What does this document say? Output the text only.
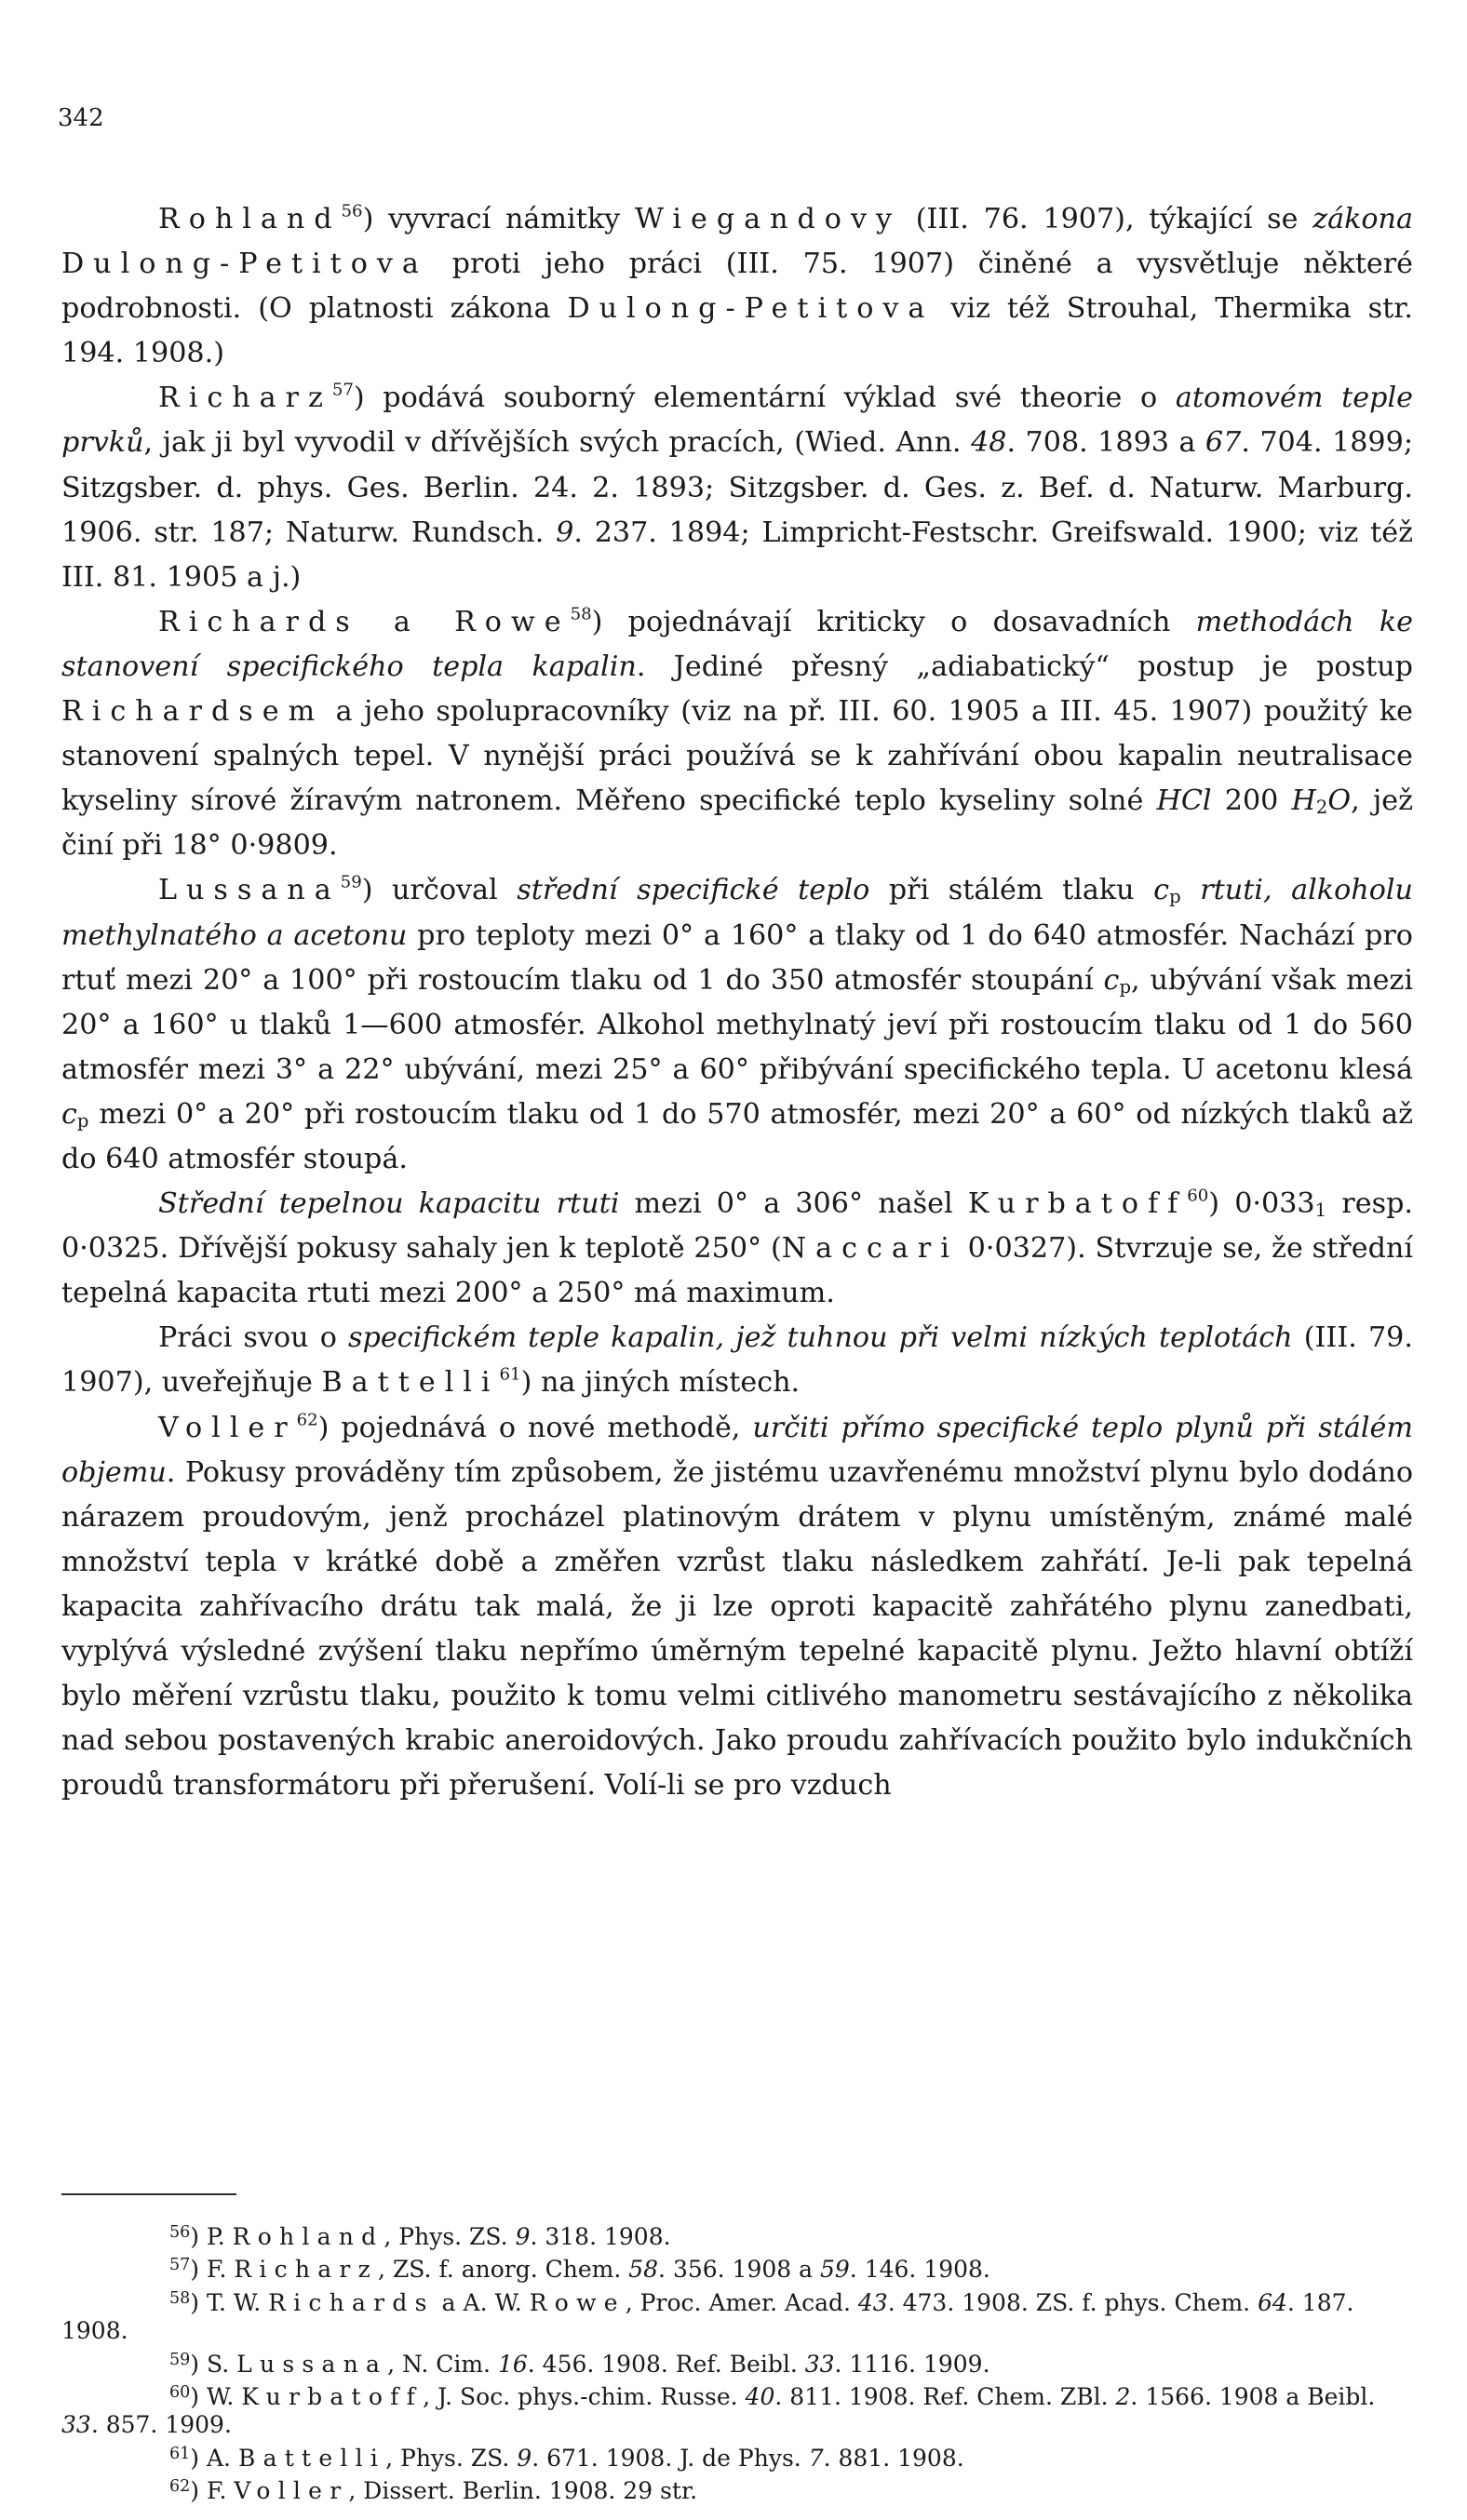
342

Rohland$^{56}$) vyvrací námitky Wiegandovy (III. 76. 1907), týkající se zákona Dulong-Petitova proti jeho práci (III. 75. 1907) činěné a vysvětluje některé podrobnosti. (O platnosti zákona Dulong-Petitova viz též Strouhal, Thermika str. 194. 1908.)

Richarz$^{57}$) podává souborný elementární výklad své theorie o atomovém teple prvků, jak ji byl vyvodil v dřívějších svých pracích, (Wied. Ann. 48. 708. 1893 a 67. 704. 1899; Sitzgsber. d. phys. Ges. Berlin. 24. 2. 1893; Sitzgsber. d. Ges. z. Bef. d. Naturw. Marburg. 1906. str. 187; Naturw. Rundsch. 9. 237. 1894; Limpricht-Festschr. Greifswald. 1900; viz též III. 81. 1905 a j.)

Richards a Rowe$^{58}$) pojednávají kriticky o dosavadních methodách ke stanovení specifického tepla kapalin. Jediné přesný „adiabatický“ postup je postup Richardsem a jeho spolupracovníky (viz na př. III. 60. 1905 a III. 45. 1907) použitý ke stanovení spalných tepel. V nynější práci používá se k zahřívání obou kapalin neutralisace kyseliny sírové žíravým natronem. Měřeno specifické teplo kyseliny solné HCl 200 $H_2O$, jež činí při 18° 0·9809.

Lussana$^{59}$) určoval střední specifické teplo při stálém tlaku $c_p$ rtuti, alkoholu methylnatého a acetonu pro teploty mezi 0° a 160° a tlaky od 1 do 640 atmosfér. Nachází pro rtuť mezi 20° a 100° při rostoucím tlaku od 1 do 350 atmosfér stoupání $c_p$, ubývání však mezi 20° a 160° u tlaků 1—600 atmosfér. Alkohol methylnatý jeví při rostoucím tlaku od 1 do 560 atmosfér mezi 3° a 22° ubývání, mezi 25° a 60° přibývání specifického tepla. U acetonu klesá $c_p$ mezi 0° a 20° při rostoucím tlaku od 1 do 570 atmosfér, mezi 20° a 60° od nízkých tlaků až do 640 atmosfér stoupá.

Střední tepelnou kapacitu rtuti mezi 0° a 306° našel Kurbatoff$^{60}$) $0\cdot 033_1$ resp. 0·0325. Dřívější pokusy sahaly jen k teplotě 250° (Naccari 0·0327). Stvrzuje se, že střední tepelná kapacita rtuti mezi 200° a 250° má maximum.

Práci svou o specifickém teple kapalin, jež tuhnou při velmi nízkých teplotách (III. 79. 1907), uveřejňuje Battelli$^{61}$) na jiných místech.

Voller$^{62}$) pojednává o nové methodě, určiti přímo specifické teplo plynů při stálém objemu. Pokusy prováděny tím způsobem, že jistému uzavřenému množství plynu bylo dodáno nárazem proudovým, jenž procházel platinovým drátem v plynu umístěným, známé malé množství tepla v krátké době a změřen vzrůst tlaku následkem zahřátí. Je-li pak tepelná kapacita zahřívacího drátu tak malá, že ji lze oproti kapacitě zahřátého plynu zanedbati, vyplývá výsledné zvýšení tlaku nepřímo úměrným tepelné kapacitě plynu. Ježto hlavní obtíží bylo měření vzrůstu tlaku, použito k tomu velmi citlivého manometru sestávajícího z několika nad sebou postavených krabic aneroidových. Jako proudu zahřívacích použito bylo indukčních proudů transformátoru při přerušení. Volí-li se pro vzduch

$^{56}$) P. Rohland, Phys. ZS. 9. 318. 1908.

$^{57}$) F. Richarz, ZS. f. anorg. Chem. 58. 356. 1908 a 59. 146. 1908.

$^{58}$) T. W. Richards a A. W. Rowe, Proc. Amer. Acad. 43. 473. 1908. ZS. f. phys. Chem. 64. 187. 1908.

$^{59}$) S. Lussana, N. Cim. 16. 456. 1908. Ref. Beibl. 33. 1116. 1909.

$^{60}$) W. Kurbatoff, J. Soc. phys.-chim. Russe. 40. 811. 1908. Ref. Chem. ZBl. 2. 1566. 1908 a Beibl. 33. 857. 1909.

$^{61}$) A. Battelli, Phys. ZS. 9. 671. 1908. J. de Phys. 7. 881. 1908.

$^{62}$) F. Voller, Dissert. Berlin. 1908. 29 str.
